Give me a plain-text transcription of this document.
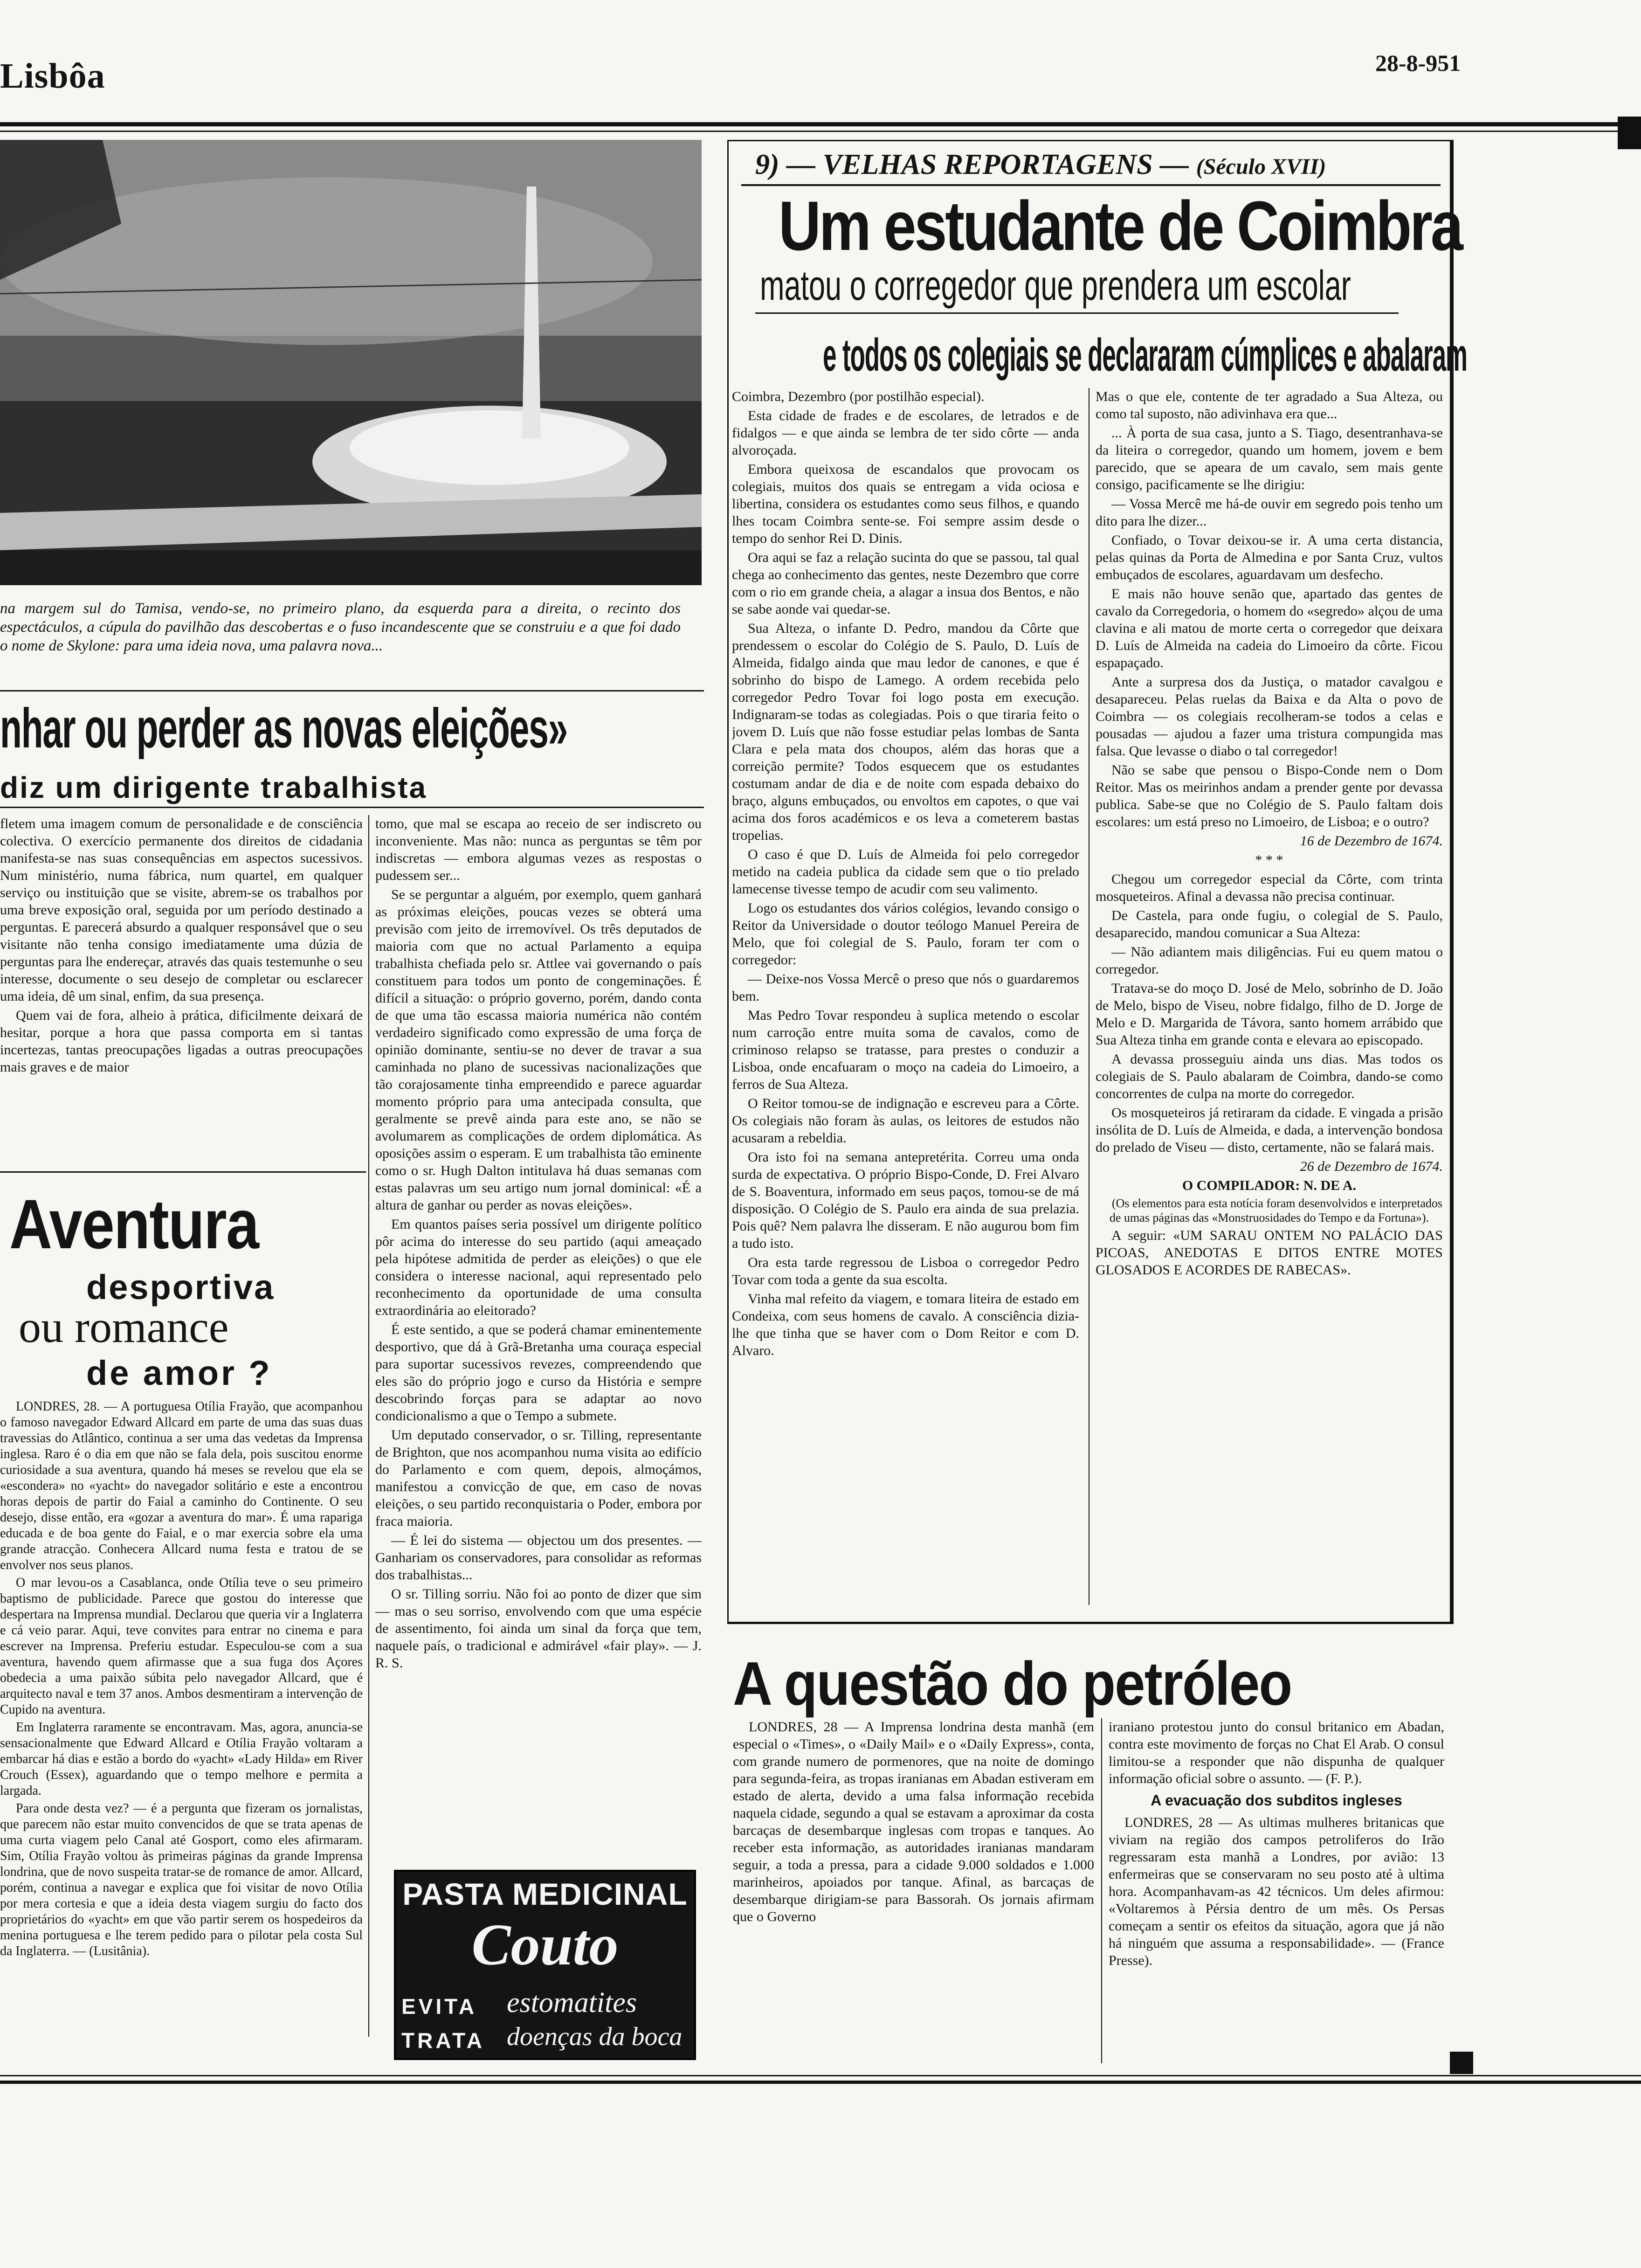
Lisbôa	28-8-951

na margem sul do Tamisa, vendo-se, no primeiro plano, da esquerda para a direita, o recinto dos espectáculos, a cúpula do pavilhão das descobertas e o fuso incandescente que se construiu e a que foi dado o nome de Skylone: para uma ideia nova, uma palavra nova...

nhar ou perder as novas eleições»
diz um dirigente trabalhista

fletem uma imagem comum de personalidade e de consciência colectiva. O exercício permanente dos direitos de cidadania manifesta-se nas suas consequências em aspectos sucessivos. Num ministério, numa fábrica, num quartel, em qualquer serviço ou instituição que se visite, abrem-se os trabalhos por uma breve exposição oral, seguida por um período destinado a perguntas. E parecerá absurdo a qualquer responsável que o seu visitante não tenha consigo imediatamente uma dúzia de perguntas para lhe endereçar, através das quais testemunhe o seu interesse, documente o seu desejo de completar ou esclarecer uma ideia, dê um sinal, enfim, da sua presença.

Quem vai de fora, alheio à prática, dificilmente deixará de hesitar, porque a hora que passa comporta em si tantas incertezas, tantas preocupações ligadas a outras preocupações mais graves e de maior

tomo, que mal se escapa ao receio de ser indiscreto ou inconveniente. Mas não: nunca as perguntas se têm por indiscretas — embora algumas vezes as respostas o pudessem ser...

Se se perguntar a alguém, por exemplo, quem ganhará as próximas eleições, poucas vezes se obterá uma previsão com jeito de irremovível. Os três deputados de maioria com que no actual Parlamento a equipa trabalhista chefiada pelo sr. Attlee vai governando o país constituem para todos um ponto de congeminações. É difícil a situação: o próprio governo, porém, dando conta de que uma tão escassa maioria numérica não contém verdadeiro significado como expressão de uma força de opinião dominante, sentiu-se no dever de travar a sua caminhada no plano de sucessivas nacionalizações que tão corajosamente tinha empreendido e parece aguardar momento próprio para uma antecipada consulta, que geralmente se prevê ainda para este ano, se não se avolumarem as complicações de ordem diplomática. As oposições assim o esperam. E um trabalhista tão eminente como o sr. Hugh Dalton intitulava há duas semanas com estas palavras um seu artigo num jornal dominical: «É a altura de ganhar ou perder as novas eleições».

Em quantos países seria possível um dirigente político pôr acima do interesse do seu partido (aqui ameaçado pela hipótese admitida de perder as eleições) o que ele considera o interesse nacional, aqui representado pelo reconhecimento da oportunidade de uma consulta extraordinária ao eleitorado?

É este sentido, a que se poderá chamar eminentemente desportivo, que dá à Grã-Bretanha uma couraça especial para suportar sucessivos revezes, compreendendo que eles são do próprio jogo e curso da História e sempre descobrindo forças para se adaptar ao novo condicionalismo a que o Tempo a submete.

Um deputado conservador, o sr. Tilling, representante de Brighton, que nos acompanhou numa visita ao edifício do Parlamento e com quem, depois, almoçámos, manifestou a convicção de que, em caso de novas eleições, o seu partido reconquistaria o Poder, embora por fraca maioria.

— É lei do sistema — objectou um dos presentes. — Ganhariam os conservadores, para consolidar as reformas dos trabalhistas...

O sr. Tilling sorriu. Não foi ao ponto de dizer que sim — mas o seu sorriso, envolvendo com que uma espécie de assentimento, foi ainda um sinal da força que tem, naquele país, o tradicional e admirável «fair play». — J. R. S.

Aventura
desportiva
ou romance
de amor ?

LONDRES, 28. — A portuguesa Otília Frayão, que acompanhou o famoso navegador Edward Allcard em parte de uma das suas duas travessias do Atlântico, continua a ser uma das vedetas da Imprensa inglesa. Raro é o dia em que não se fala dela, pois suscitou enorme curiosidade a sua aventura, quando há meses se revelou que ela se «escondera» no «yacht» do navegador solitário e este a encontrou horas depois de partir do Faial a caminho do Continente. O seu desejo, disse então, era «gozar a aventura do mar». É uma rapariga educada e de boa gente do Faial, e o mar exercia sobre ela uma grande atracção. Conhecera Allcard numa festa e tratou de se envolver nos seus planos.

O mar levou-os a Casablanca, onde Otília teve o seu primeiro baptismo de publicidade. Parece que gostou do interesse que despertara na Imprensa mundial. Declarou que queria vir a Inglaterra e cá veio parar. Aqui, teve convites para entrar no cinema e para escrever na Imprensa. Preferiu estudar. Especulou-se com a sua aventura, havendo quem afirmasse que a sua fuga dos Açores obedecia a uma paixão súbita pelo navegador Allcard, que é arquitecto naval e tem 37 anos. Ambos desmentiram a intervenção de Cupido na aventura.

Em Inglaterra raramente se encontravam. Mas, agora, anuncia-se sensacionalmente que Edward Allcard e Otília Frayão voltaram a embarcar há dias e estão a bordo do «yacht» «Lady Hilda» em River Crouch (Essex), aguardando que o tempo melhore e permita a largada.

Para onde desta vez? — é a pergunta que fizeram os jornalistas, que parecem não estar muito convencidos de que se trata apenas de uma curta viagem pelo Canal até Gosport, como eles afirmaram. Sim, Otília Frayão voltou às primeiras páginas da grande Imprensa londrina, que de novo suspeita tratar-se de romance de amor. Allcard, porém, continua a navegar e explica que foi visitar de novo Otília por mera cortesia e que a ideia desta viagem surgiu do facto dos proprietários do «yacht» em que vão partir serem os hospedeiros da menina portuguesa e lhe terem pedido para o pilotar pela costa Sul da Inglaterra. — (Lusitânia).

PASTA MEDICINAL
Couto
EVITA estomatites
TRATA doenças da boca
9) — VELHAS REPORTAGENS — (Século XVII)
Um estudante de Coimbra
matou o corregedor que prendera um escolar
e todos os colegiais se declararam cúmplices e abalaram

Coimbra, Dezembro (por postilhão especial).

Esta cidade de frades e de escolares, de letrados e de fidalgos — e que ainda se lembra de ter sido côrte — anda alvoroçada.

Embora queixosa de escandalos que provocam os colegiais, muitos dos quais se entregam a vida ociosa e libertina, considera os estudantes como seus filhos, e quando lhes tocam Coimbra sente-se. Foi sempre assim desde o tempo do senhor Rei D. Dinis.

Ora aqui se faz a relação sucinta do que se passou, tal qual chega ao conhecimento das gentes, neste Dezembro que corre com o rio em grande cheia, a alagar a insua dos Bentos, e não se sabe aonde vai quedar-se.

Sua Alteza, o infante D. Pedro, mandou da Côrte que prendessem o escolar do Colégio de S. Paulo, D. Luís de Almeida, fidalgo ainda que mau ledor de canones, e que é sobrinho do bispo de Lamego. A ordem recebida pelo corregedor Pedro Tovar foi logo posta em execução. Indignaram-se todas as colegiadas. Pois o que tiraria feito o jovem D. Luís que não fosse estudiar pelas lombas de Santa Clara e pela mata dos choupos, além das horas que a correição permite? Todos esquecem que os estudantes costumam andar de dia e de noite com espada debaixo do braço, alguns embuçados, ou envoltos em capotes, o que vai acima dos foros académicos e os leva a cometerem bastas tropelias.

O caso é que D. Luís de Almeida foi pelo corregedor metido na cadeia publica da cidade sem que o tio prelado lamecense tivesse tempo de acudir com seu valimento.

Logo os estudantes dos vários colégios, levando consigo o Reitor da Universidade o doutor teólogo Manuel Pereira de Melo, que foi colegial de S. Paulo, foram ter com o corregedor:

— Deixe-nos Vossa Mercê o preso que nós o guardaremos bem.

Mas Pedro Tovar respondeu à suplica metendo o escolar num carroção entre muita soma de cavalos, como de criminoso relapso se tratasse, para prestes o conduzir a Lisboa, onde encafuaram o moço na cadeia do Limoeiro, a ferros de Sua Alteza.

O Reitor tomou-se de indignação e escreveu para a Côrte. Os colegiais não foram às aulas, os leitores de estudos não acusaram a rebeldia.

Ora isto foi na semana antepretérita. Correu uma onda surda de expectativa. O próprio Bispo-Conde, D. Frei Alvaro de S. Boaventura, informado em seus paços, tomou-se de má disposição. O Colégio de S. Paulo era ainda de sua prelazia. Pois quê? Nem palavra lhe disseram. E não augurou bom fim a tudo isto.

Ora esta tarde regressou de Lisboa o corregedor Pedro Tovar com toda a gente da sua escolta.

Vinha mal refeito da viagem, e tomara liteira de estado em Condeixa, com seus homens de cavalo. A consciência dizia-lhe que tinha que se haver com o Dom Reitor e com D. Alvaro.

Mas o que ele, contente de ter agradado a Sua Alteza, ou como tal suposto, não adivinhava era que...

... À porta de sua casa, junto a S. Tiago, desentranhava-se da liteira o corregedor, quando um homem, jovem e bem parecido, que se apeara de um cavalo, sem mais gente consigo, pacificamente se lhe dirigiu:

— Vossa Mercê me há-de ouvir em segredo pois tenho um dito para lhe dizer...

Confiado, o Tovar deixou-se ir. A uma certa distancia, pelas quinas da Porta de Almedina e por Santa Cruz, vultos embuçados de escolares, aguardavam um desfecho.

E mais não houve senão que, apartado das gentes de cavalo da Corregedoria, o homem do «segredo» alçou de uma clavina e ali matou de morte certa o corregedor que deixara D. Luís de Almeida na cadeia do Limoeiro da côrte. Ficou espapaçado.

Ante a surpresa dos da Justiça, o matador cavalgou e desapareceu. Pelas ruelas da Baixa e da Alta o povo de Coimbra — os colegiais recolheram-se todos a celas e pousadas — ajudou a fazer uma tristura compungida mas falsa. Que levasse o diabo o tal corregedor!

Não se sabe que pensou o Bispo-Conde nem o Dom Reitor. Mas os meirinhos andam a prender gente por devassa publica. Sabe-se que no Colégio de S. Paulo faltam dois escolares: um está preso no Limoeiro, de Lisboa; e o outro?

16 de Dezembro de 1674.

* * *

Chegou um corregedor especial da Côrte, com trinta mosqueteiros. Afinal a devassa não precisa continuar.

De Castela, para onde fugiu, o colegial de S. Paulo, desaparecido, mandou comunicar a Sua Alteza:

— Não adiantem mais diligências. Fui eu quem matou o corregedor.

Tratava-se do moço D. José de Melo, sobrinho de D. João de Melo, bispo de Viseu, nobre fidalgo, filho de D. Jorge de Melo e D. Margarida de Távora, santo homem arrábido que Sua Alteza tinha em grande conta e elevara ao episcopado.

A devassa prosseguiu ainda uns dias. Mas todos os colegiais de S. Paulo abalaram de Coimbra, dando-se como concorrentes de culpa na morte do corregedor.

Os mosqueteiros já retiraram da cidade. E vingada a prisão insólita de D. Luís de Almeida, e dada, a intervenção bondosa do prelado de Viseu — disto, certamente, não se falará mais.

26 de Dezembro de 1674.

O COMPILADOR: N. DE A.

(Os elementos para esta notícia foram desenvolvidos e interpretados de umas páginas das «Monstruosidades do Tempo e da Fortuna»).

A seguir: «UM SARAU ONTEM NO PALÁCIO DAS PICOAS, ANEDOTAS E DITOS ENTRE MOTES GLOSADOS E ACORDES DE RABECAS».

A questão do petróleo

LONDRES, 28 — A Imprensa londrina desta manhã (em especial o «Times», o «Daily Mail» e o «Daily Express», conta, com grande numero de pormenores, que na noite de domingo para segunda-feira, as tropas iranianas em Abadan estiveram em estado de alerta, devido a uma falsa informação recebida naquela cidade, segundo a qual se estavam a aproximar da costa barcaças de desembarque inglesas com tropas e tanques. Ao receber esta informação, as autoridades iranianas mandaram seguir, a toda a pressa, para a cidade 9.000 soldados e 1.000 marinheiros, apoiados por tanque. Afinal, as barcaças de desembarque dirigiam-se para Bassorah. Os jornais afirmam que o Governo

iraniano protestou junto do consul britanico em Abadan, contra este movimento de forças no Chat El Arab. O consul limitou-se a responder que não dispunha de qualquer informação oficial sobre o assunto. — (F. P.).

A evacuação dos subditos ingleses

LONDRES, 28 — As ultimas mulheres britanicas que viviam na região dos campos petroliferos do Irão regressaram esta manhã a Londres, por avião: 13 enfermeiras que se conservaram no seu posto até à ultima hora. Acompanhavam-as 42 técnicos. Um deles afirmou: «Voltaremos à Pérsia dentro de um mês. Os Persas começam a sentir os efeitos da situação, agora que já não há ninguém que assuma a responsabilidade». — (France Presse).
